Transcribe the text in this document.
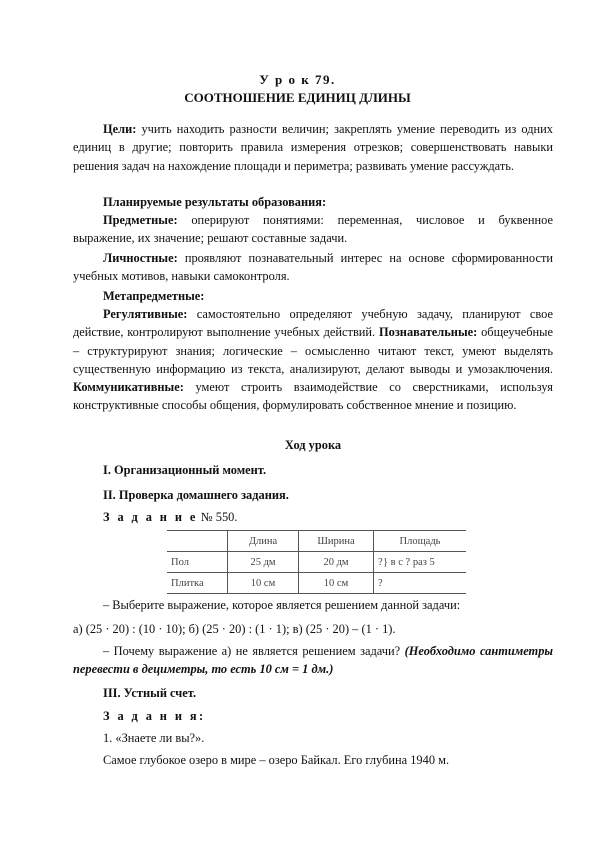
У р о к 79.
СООТНОШЕНИЕ ЕДИНИЦ ДЛИНЫ
Цели: учить находить разности величин; закреплять умение переводить из одних единиц в другие; повторить правила измерения отрезков; совершенствовать навыки решения задач на нахождение площади и периметра; развивать умение рассуждать.
Планируемые результаты образования:
Предметные: оперируют понятиями: переменная, числовое и буквенное выражение, их значение; решают составные задачи.
Личностные: проявляют познавательный интерес на основе сформированности учебных мотивов, навыки самоконтроля.
Метапредметные:
Регулятивные: самостоятельно определяют учебную задачу, планируют свое действие, контролируют выполнение учебных действий. Познавательные: общеучебные – структурируют знания; логические – осмысленно читают текст, умеют выделять существенную информацию из текста, анализируют, делают выводы и умозаключения. Коммуникативные: умеют строить взаимодействие со сверстниками, используя конструктивные способы общения, формулировать собственное мнение и позицию.
Ход урока
I. Организационный момент.
II. Проверка домашнего задания.
З а д а н и е № 550.
	Длина	Ширина	Площадь
Пол	25 дм	20 дм	?
Плитка	10 см	10 см	?
} в с ? раз 5
– Выберите выражение, которое является решением данной задачи:
а) (25 · 20) : (10 · 10); б) (25 · 20) : (1 · 1); в) (25 · 20) – (1 · 1).
– Почему выражение а) не является решением задачи? (Необходимо сантиметры перевести в дециметры, то есть 10 см = 1 дм.)
III. Устный счет.
З а д а н и я:
1. «Знаете ли вы?».
Самое глубокое озеро в мире – озеро Байкал. Его глубина 1940 м.
